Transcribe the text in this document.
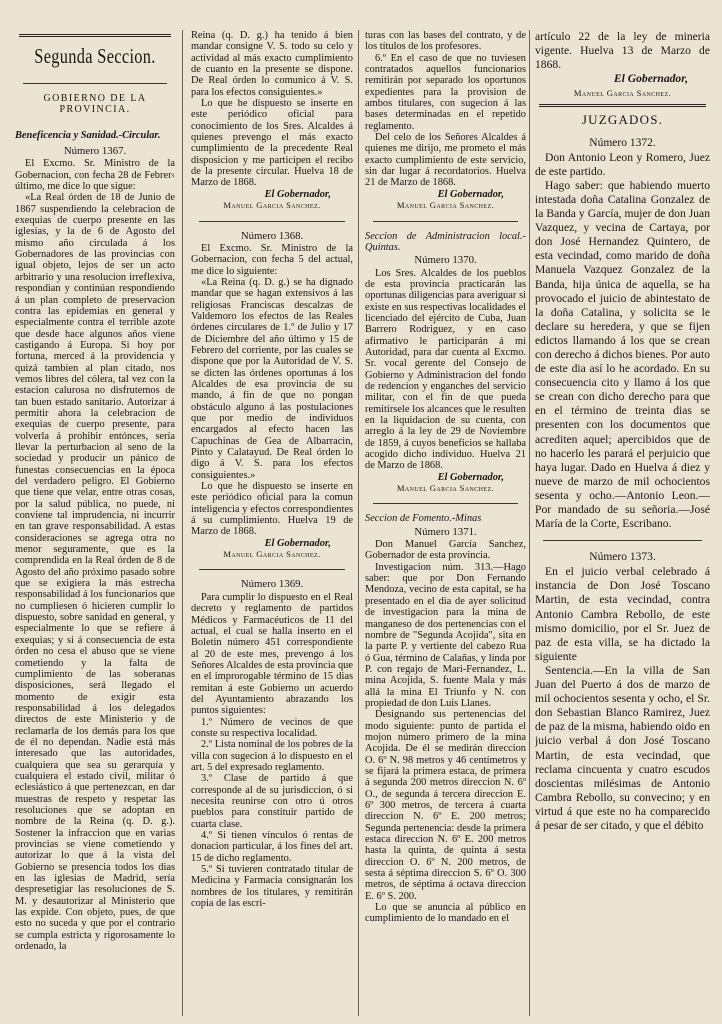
Segunda Seccion.
GOBIERNO DE LA PROVINCIA.

Beneficencia y Sanidad.-Circular.

Número 1367.

El Excmo. Sr. Ministro de la Gobernacion, con fecha 28 de Febrer‹ último, me dice lo que sigue:

«La Real órden de 18 de Junio de 1867 suspendiendo la celebracion de exequias de cuerpo presente en las iglesias, y la de 6 de Agosto del mismo año circulada á los Gobernadores de las provincias con igual objeto, lejos de ser un acto arbitrario y una resolucion irreflexiva, respondian y continúan respondiendo á un plan completo de preservacion contra las epidemias en general y especialmente contra el terrible azote que desde hace algunos años viene castigando á Europa. Si hoy por fortuna, merced á la providencia y quizá tambien al plan citado, nos vemos libres del cólera, tal vez con la estacion calurosa no disfrutemos de tan buen estado sanitario. Autorizar á permitir ahora la celebracion de exequias de cuerpo presente, para volverla á prohibir entónces, sería llevar la perturbacion al seno de la sociedad y producir un pánico de funestas consecuencias en la época del verdadero peligro. El Gobierno que tiene que velar, entre otras cosas, por la salud pública, no puede, ni conviene tal imprudencia, ni incurrir en tan grave responsabilidad. A estas consideraciones se agrega otra no menor seguramente, que es la comprendida en la Real órden de 8 de Agosto del año próximo pasado sobre que se exigiera la más estrecha responsabilidad á los funcionarios que no cumpliesen ó hicieren cumplir lo dispuesto, sobre sanidad en general, y especialmente lo que se refiere á exequias; y si á consecuencia de esta órden no cesa el abuso que se viene cometiendo y la falta de cumplimiento de las soberanas disposiciones, será llegado el momento de exigir esta responsabilidad á los delegados directos de este Ministerio y de reclamarla de los demás para los que de él no dependan. Nadie está más interesado que las autoridades, cualquiera que sea su gerarquía y cualquiera el estado civil, militar ó eclesiástico á que pertenezcan, en dar muestras de respeto y respetar las resoluciones que se adoptan en nombre de la Reina (q. D. g.). Sostener la infraccion que en varias provincias se viene cometiendo y autorizar lo que á la vista del Gobierno se presencia todos los dias en las iglesias de Madrid, sería despresetigiar las resoluciones de S. M. y desautorizar al Ministerio que las expide. Con objeto, pues, de que esto no suceda y que por el contrario se cumpla estricta y rigorosamente lo ordenado, la

Reina (q. D. g.) ha tenido á bien mandar consigne V. S. todo su celo y actividad al más exacto cumplimiento de cuanto en la presente se dispone. De Real órden lo comunico á V. S. para los efectos consiguientes.»

Lo que he dispuesto se inserte en este periódico oficial para conocimiento de los Sres. Alcaldes á quienes prevengo el más exacto cumplimiento de la precedente Real disposicion y me participen el recibo de la presente circular. Huelva 18 de Marzo de 1868.

El Gobernador,

Manuel Garcia Sanchez.

Número 1368.

El Excmo. Sr. Ministro de la Gobernacion, con fecha 5 del actual, me dice lo siguiente:

«La Reina (q. D. g.) se ha dignado mandar que se hagan extensivos á las religiosas Franciscas descalzas de Valdemoro los efectos de las Reales órdenes circulares de 1.º de Julio y 17 de Diciembre del año último y 15 de Febrero del corriente, por las cuales se dispone que por la Autoridad de V. S. se dicten las órdenes oportunas á los Alcaldes de esa provincia de su mando, á fin de que no pongan obstáculo alguno á las postulaciones que por medio de individuos encargados al efecto hacen las Capuchinas de Gea de Albarracin, Pinto y Calatayud. De Real órden lo digo á V. S. para los efectos consiguientes.»

Lo que he dispuesto se inserte en este periódico oficial para la comun inteligencia y efectos correspondientes á su cumplimiento. Huelva 19 de Marzo de 1868.

El Gobernador,

Manuel Garcia Sanchez.

Número 1369.

Para cumplir lo dispuesto en el Real decreto y reglamento de partidos Médicos y Farmacéuticos de 11 del actual, el cual se halla inserto en el Boletin número 451 correspondiente al 20 de este mes, prevengo á los Señores Alcaldes de esta provincia que en el improrogable término de 15 dias remitan á este Gobierno un acuerdo del Ayuntamiento abrazando los puntos siguientes:

1.º Número de vecinos de que conste su respectiva localidad.

2.º Lista nominal de los pobres de la villa con sugecion á lo dispuesto en el art. 5 del expresado reglamento.

3.º Clase de partido á que corresponde al de su jurisdiccion, ó si necesita reunirse con otro ú otros pueblos para constituir partido de cuarta clase.

4.º Si tienen vínculos ó rentas de donacion particular, á los fines del art. 15 de dicho reglamento.

5.º Si tuvieren contratado titular de Medicina y Farmacia consignarán los nombres de los titulares, y remitirán copia de las escri-

turas con las bases del contrato, y de los títulos de los profesores.

6.º En el caso de que no tuviesen contratados aquellos funcionarios remitirán por separado los oportunos expedientes para la provision de ambos titulares, con sugecion á las bases determinadas en el repetido reglamento.

Del celo de los Señores Alcaldes á quienes me dirijo, me prometo el más exacto cumplimiento de este servicio, sin dar lugar á recordatorios. Huelva 21 de Marzo de 1868.

El Gobernador,

Manuel Garcia Sanchez.

Seccion de Administracion local.-Quintas.

Número 1370.

Los Sres. Alcaldes de los pueblos de esta provincia practicarán las oportunas diligencias para averiguar si existe en sus respectivas localidades el licenciado del ejército de Cuba, Juan Barrero Rodriguez, y en caso afirmativo le participarán á mi Autoridad, para dar cuenta al Excmo. Sr. vocal gerente del Consejo de Gobierno y Administracion del fondo de redencion y enganches del servicio militar, con el fin de que pueda remitírsele los alcances que le resulten en la liquidacion de su cuenta, con arreglo á la ley de 29 de Noviembre de 1859, á cuyos beneficios se hallaba acogido dicho individuo. Huelva 21 de Marzo de 1868.

El Gobernador,

Manuel Garcia Sanchez.

Seccion de Fomento.-Minas

Número 1371.

Don Manuel García Sanchez, Gobernador de esta provincia.

Investigacion núm. 313.—Hago saber: que por Don Fernando Mendoza, vecino de esta capital, se ha presentado en el dia de ayer solicitud de investigacion para la mina de manganeso de dos pertenencias con el nombre de "Segunda Acojida", sita en la parte P. y vertiente del cabezo Rua ó Gua, término de Calañas, y linda por P. con regajo de Mari-Fernandez, L. mina Acojida, S. fuente Mala y más allá la mina El Triunfo y N. con propiedad de don Luis Llanes.

Designando sus pertenencias del modo siguiente: punto de partida el mojon número primero de la mina Acojida. De él se medirán direccion O. 6º N. 98 metros y 46 centímetros y se fijará la primera estaca, de primera á segunda 200 metros direccion N. 6º O., de segunda á tercera direccion E. 6º 300 metros, de tercera á cuarta direccion N. 6º E. 200 metros; Segunda pertenencia: desde la primera estaca direccion N. 6º E. 200 metros hasta la quinta, de quinta á sesta direccion O. 6º N. 200 metros, de sesta á séptima direccion S. 6º O. 300 metros, de séptima á octava direccion E. 6º S. 200.

Lo que se anuncia al público en cumplimiento de lo mandado en el

artículo 22 de la ley de mineria vigente. Huelva 13 de Marzo de 1868.

El Gobernador,

Manuel Garcia Sanchez.

JUZGADOS.

Número 1372.

Don Antonio Leon y Romero, Juez de este partido.

Hago saber: que habiendo muerto intestada doña Catalina Gonzalez de la Banda y García, mujer de don Juan Vazquez, y vecina de Cartaya, por don José Hernandez Quintero, de esta vecindad, como marido de doña Manuela Vazquez Gonzalez de la Banda, hija única de aquella, se ha provocado el juicio de abintestato de la doña Catalina, y solicita se le declare su heredera, y que se fijen edictos llamando á los que se crean con derecho á dichos bienes. Por auto de este dia así lo he acordado. En su consecuencia cito y llamo á los que se crean con dicho derecho para que en el término de treinta dias se presenten con los documentos que acrediten aquel; apercibidos que de no hacerlo les parará el perjuicio que haya lugar. Dado en Huelva á diez y nueve de marzo de mil ochocientos sesenta y ocho.—Antonio Leon.—Por mandado de su señoria.—José María de la Corte, Escribano.

Número 1373.

En el juicio verbal celebrado á instancia de Don José Toscano Martin, de esta vecindad, contra Antonio Cambra Rebollo, de este mismo domicilio, por el Sr. Juez de paz de esta villa, se ha dictado la siguiente

Sentencia.—En la villa de San Juan del Puerto á dos de marzo de mil ochocientos sesenta y ocho, el Sr. don Sebastian Blanco Ramirez, Juez de paz de la misma, habiendo oido en juicio verbal á don José Toscano Martin, de esta vecindad, que reclama cincuenta y cuatro escudos doscientas milésimas de Antonio Cambra Rebollo, su convecino; y en virtud á que este no ha comparecido á pesar de ser citado, y que el débito
